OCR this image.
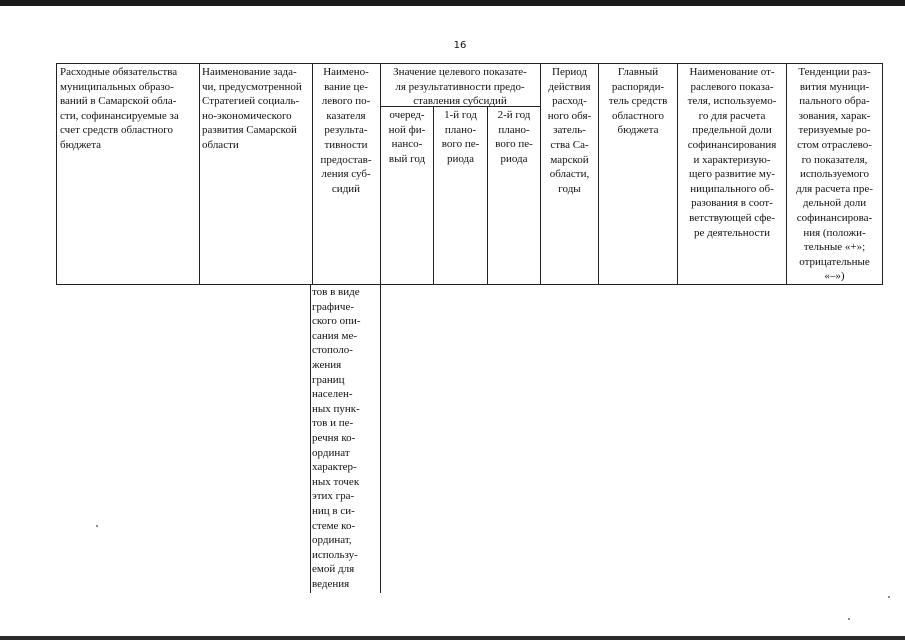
16
Расходные обязательства
муниципальных образо-
ваний в Самарской обла-
сти, софинансируемые за
счет средств областного
бюджета
Наименование зада-
чи, предусмотренной
Стратегией социаль-
но-экономического
развития Самарской
области
Наимено-
вание це-
левого по-
казателя
результа-
тивности
предостав-
ления суб-
сидий
Значение целевого показате-
ля результативности предо-
ставления субсидий
очеред-
ной фи-
нансо-
вый год
1-й год
плано-
вого пе-
риода
2-й год
плано-
вого пе-
риода
Период
действия
расход-
ного обя-
затель-
ства Са-
марской
области,
годы
Главный
распоряди-
тель средств
областного
бюджета
Наименование от-
раслевого показа-
теля, используемо-
го для расчета
предельной доли
софинансирования
и характеризую-
щего развитие му-
ниципального об-
разования в соот-
ветствующей сфе-
ре деятельности
Тенденции раз-
вития муници-
пального обра-
зования, харак-
теризуемые ро-
стом отраслево-
го показателя,
используемого
для расчета пре-
дельной доли
софинансирова-
ния (положи-
тельные «+»;
отрицательные
«–»)
тов в виде
графиче-
ского опи-
сания ме-
стополо-
жения
границ
населен-
ных пунк-
тов и пе-
речня ко-
ординат
характер-
ных точек
этих гра-
ниц в си-
стеме ко-
ординат,
использу-
емой для
ведения
